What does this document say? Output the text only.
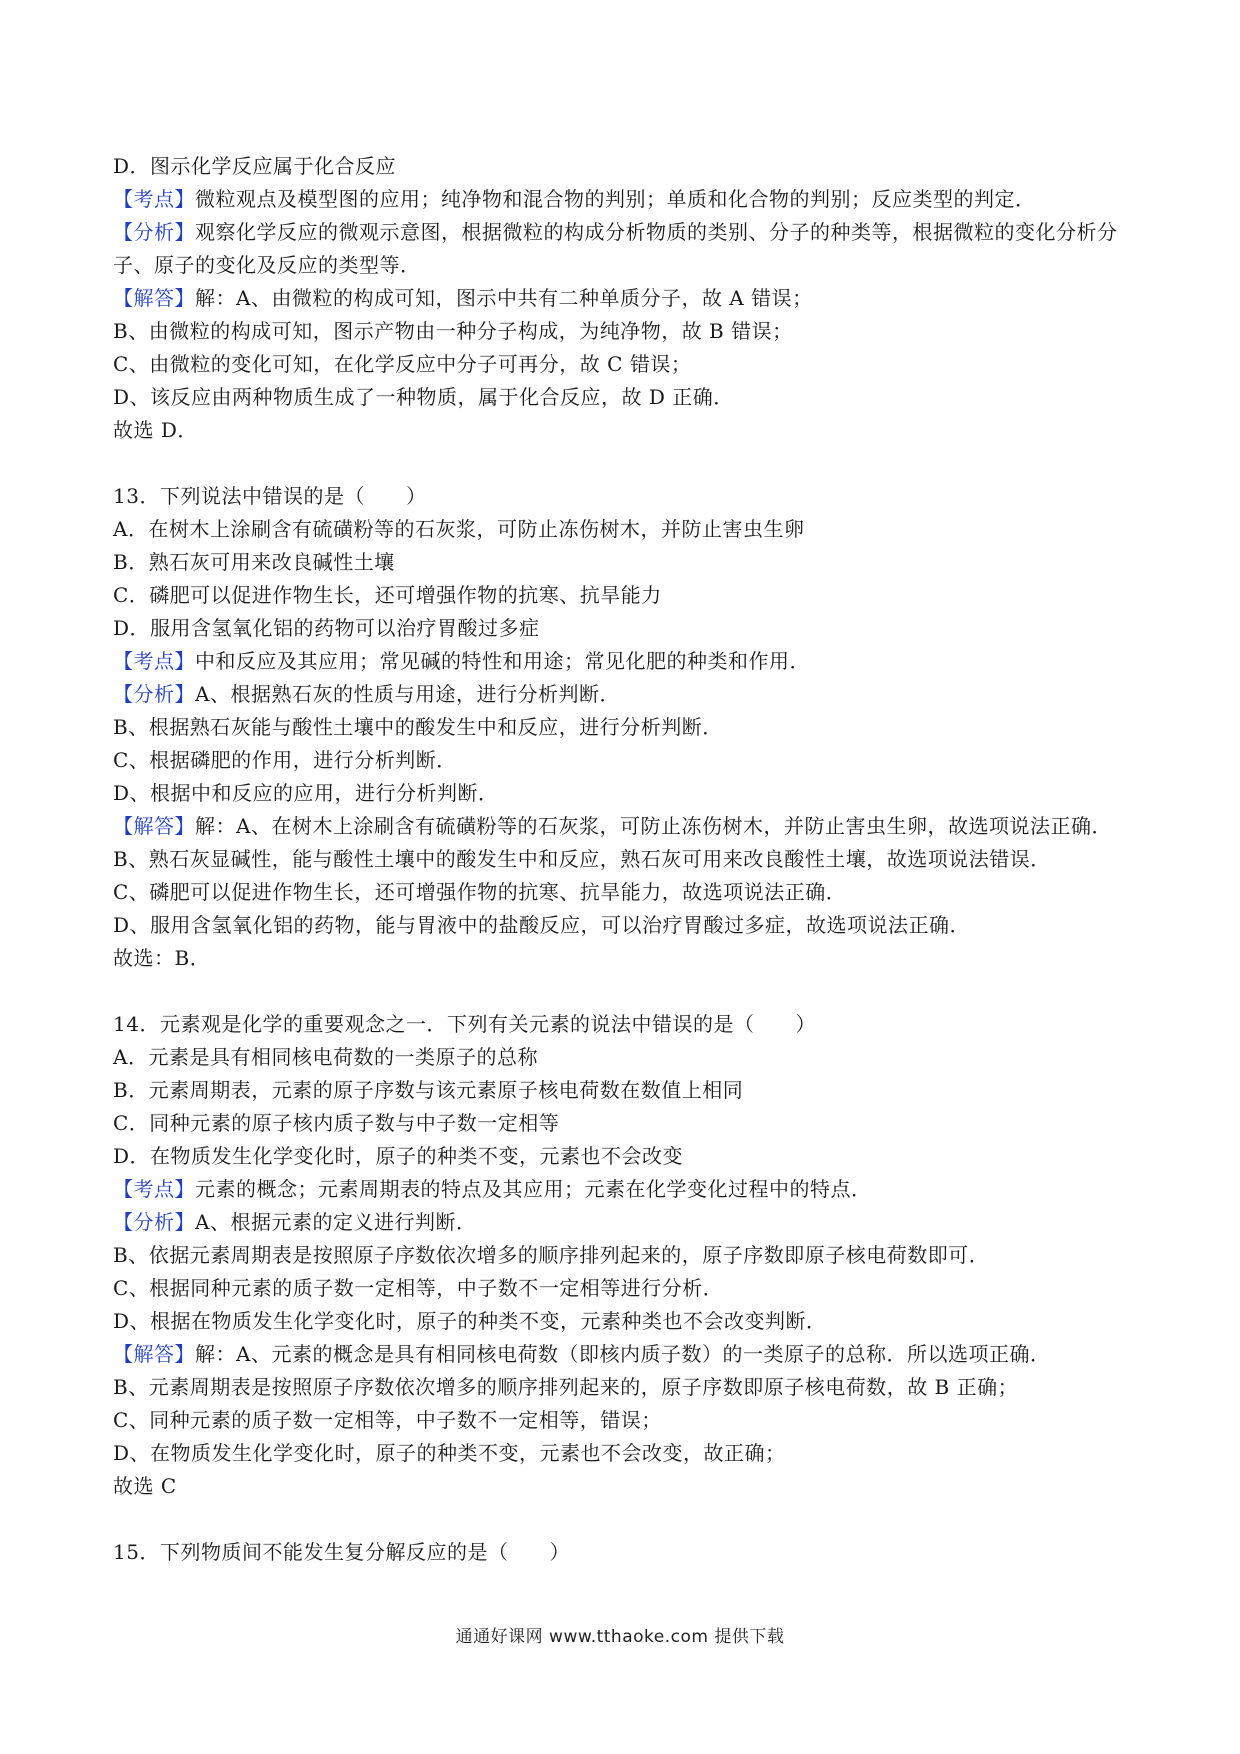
D．图示化学反应属于化合反应
【考点】微粒观点及模型图的应用；纯净物和混合物的判别；单质和化合物的判别；反应类型的判定．
【分析】观察化学反应的微观示意图，根据微粒的构成分析物质的类别、分子的种类等，根据微粒的变化分析分子、原子的变化及反应的类型等．
【解答】解：A、由微粒的构成可知，图示中共有二种单质分子，故 A 错误；
B、由微粒的构成可知，图示产物由一种分子构成，为纯净物，故 B 错误；
C、由微粒的变化可知，在化学反应中分子可再分，故 C 错误；
D、该反应由两种物质生成了一种物质，属于化合反应，故 D 正确．
故选 D．
13．下列说法中错误的是（　　）
A．在树木上涂刷含有硫磺粉等的石灰浆，可防止冻伤树木，并防止害虫生卵
B．熟石灰可用来改良碱性土壤
C．磷肥可以促进作物生长，还可增强作物的抗寒、抗旱能力
D．服用含氢氧化铝的药物可以治疗胃酸过多症
【考点】中和反应及其应用；常见碱的特性和用途；常见化肥的种类和作用．
【分析】A、根据熟石灰的性质与用途，进行分析判断．
B、根据熟石灰能与酸性土壤中的酸发生中和反应，进行分析判断．
C、根据磷肥的作用，进行分析判断．
D、根据中和反应的应用，进行分析判断．
【解答】解：A、在树木上涂刷含有硫磺粉等的石灰浆，可防止冻伤树木，并防止害虫生卵，故选项说法正确．
B、熟石灰显碱性，能与酸性土壤中的酸发生中和反应，熟石灰可用来改良酸性土壤，故选项说法错误．
C、磷肥可以促进作物生长，还可增强作物的抗寒、抗旱能力，故选项说法正确．
D、服用含氢氧化铝的药物，能与胃液中的盐酸反应，可以治疗胃酸过多症，故选项说法正确．
故选：B．
14．元素观是化学的重要观念之一．下列有关元素的说法中错误的是（　　）
A．元素是具有相同核电荷数的一类原子的总称
B．元素周期表，元素的原子序数与该元素原子核电荷数在数值上相同
C．同种元素的原子核内质子数与中子数一定相等
D．在物质发生化学变化时，原子的种类不变，元素也不会改变
【考点】元素的概念；元素周期表的特点及其应用；元素在化学变化过程中的特点．
【分析】A、根据元素的定义进行判断．
B、依据元素周期表是按照原子序数依次增多的顺序排列起来的，原子序数即原子核电荷数即可．
C、根据同种元素的质子数一定相等，中子数不一定相等进行分析．
D、根据在物质发生化学变化时，原子的种类不变，元素种类也不会改变判断．
【解答】解：A、元素的概念是具有相同核电荷数（即核内质子数）的一类原子的总称．所以选项正确．
B、元素周期表是按照原子序数依次增多的顺序排列起来的，原子序数即原子核电荷数，故 B 正确；
C、同种元素的质子数一定相等，中子数不一定相等，错误；
D、在物质发生化学变化时，原子的种类不变，元素也不会改变，故正确；
故选 C
15．下列物质间不能发生复分解反应的是（　　）
通通好课网 www.tthaoke.com 提供下载
